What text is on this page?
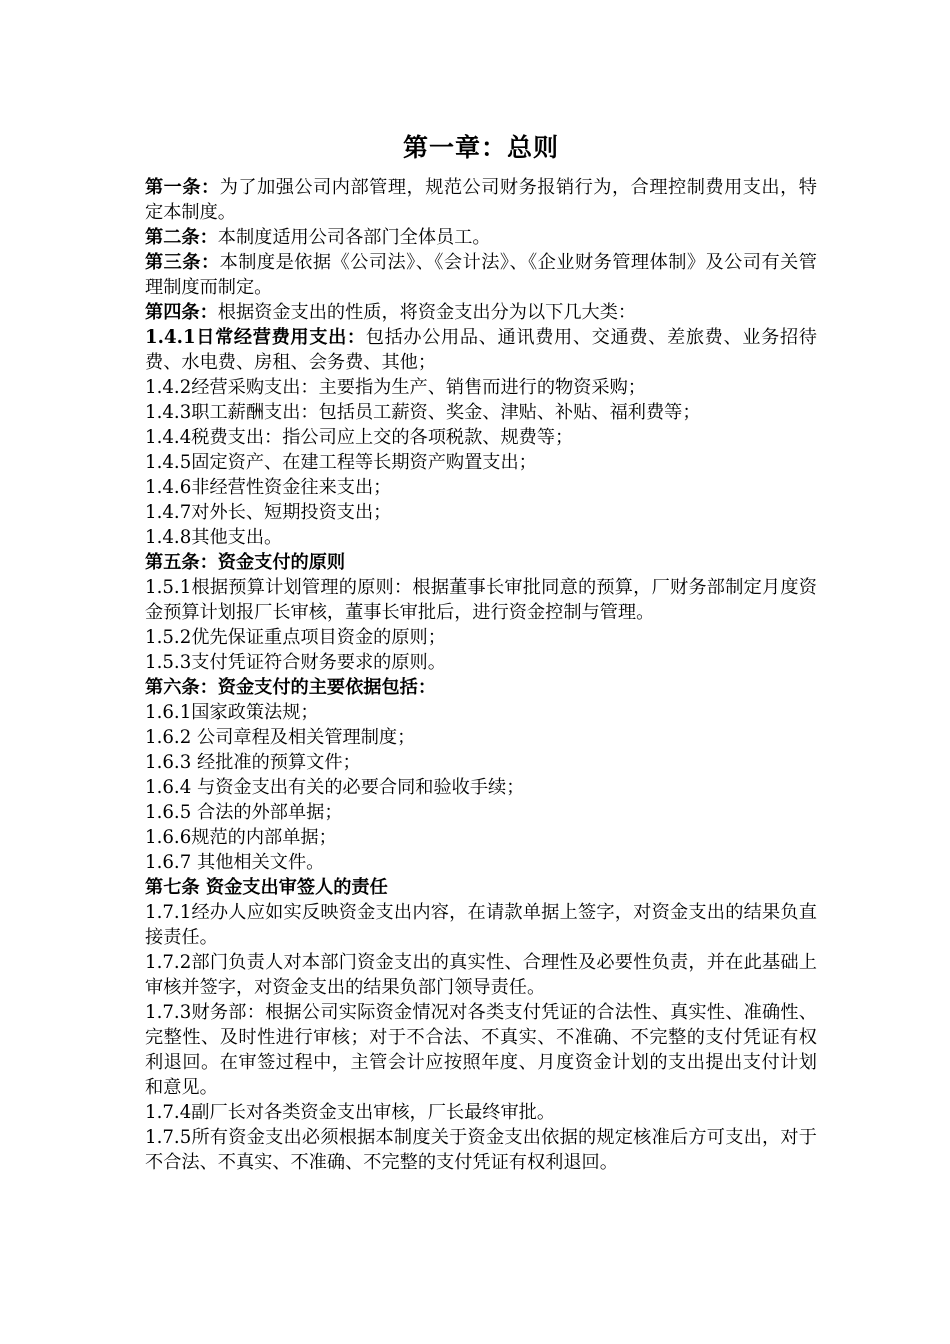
第一章：总则
第一条：为了加强公司内部管理，规范公司财务报销行为，合理控制费用支出，特定本制度。
第二条：本制度适用公司各部门全体员工。
第三条：本制度是依据《公司法》、《会计法》、《企业财务管理体制》及公司有关管理制度而制定。
第四条：根据资金支出的性质，将资金支出分为以下几大类：
1.4.1日常经营费用支出：包括办公用品、通讯费用、交通费、差旅费、业务招待费、水电费、房租、会务费、其他；
1.4.2经营采购支出：主要指为生产、销售而进行的物资采购；
1.4.3职工薪酬支出：包括员工薪资、奖金、津贴、补贴、福利费等；
1.4.4税费支出：指公司应上交的各项税款、规费等；
1.4.5固定资产、在建工程等长期资产购置支出；
1.4.6非经营性资金往来支出；
1.4.7对外长、短期投资支出；
1.4.8其他支出。
第五条：资金支付的原则
1.5.1根据预算计划管理的原则：根据董事长审批同意的预算，厂财务部制定月度资金预算计划报厂长审核，董事长审批后，进行资金控制与管理。
1.5.2优先保证重点项目资金的原则；
1.5.3支付凭证符合财务要求的原则。
第六条：资金支付的主要依据包括：
1.6.1国家政策法规；
1.6.2 公司章程及相关管理制度；
1.6.3 经批准的预算文件；
1.6.4 与资金支出有关的必要合同和验收手续；
1.6.5 合法的外部单据；
1.6.6规范的内部单据；
1.6.7 其他相关文件。
第七条 资金支出审签人的责任
1.7.1经办人应如实反映资金支出内容，在请款单据上签字，对资金支出的结果负直接责任。
1.7.2部门负责人对本部门资金支出的真实性、合理性及必要性负责，并在此基础上审核并签字，对资金支出的结果负部门领导责任。
1.7.3财务部：根据公司实际资金情况对各类支付凭证的合法性、真实性、准确性、完整性、及时性进行审核；对于不合法、不真实、不准确、不完整的支付凭证有权利退回。在审签过程中，主管会计应按照年度、月度资金计划的支出提出支付计划和意见。
1.7.4副厂长对各类资金支出审核，厂长最终审批。
1.7.5所有资金支出必须根据本制度关于资金支出依据的规定核准后方可支出，对于不合法、不真实、不准确、不完整的支付凭证有权利退回。
